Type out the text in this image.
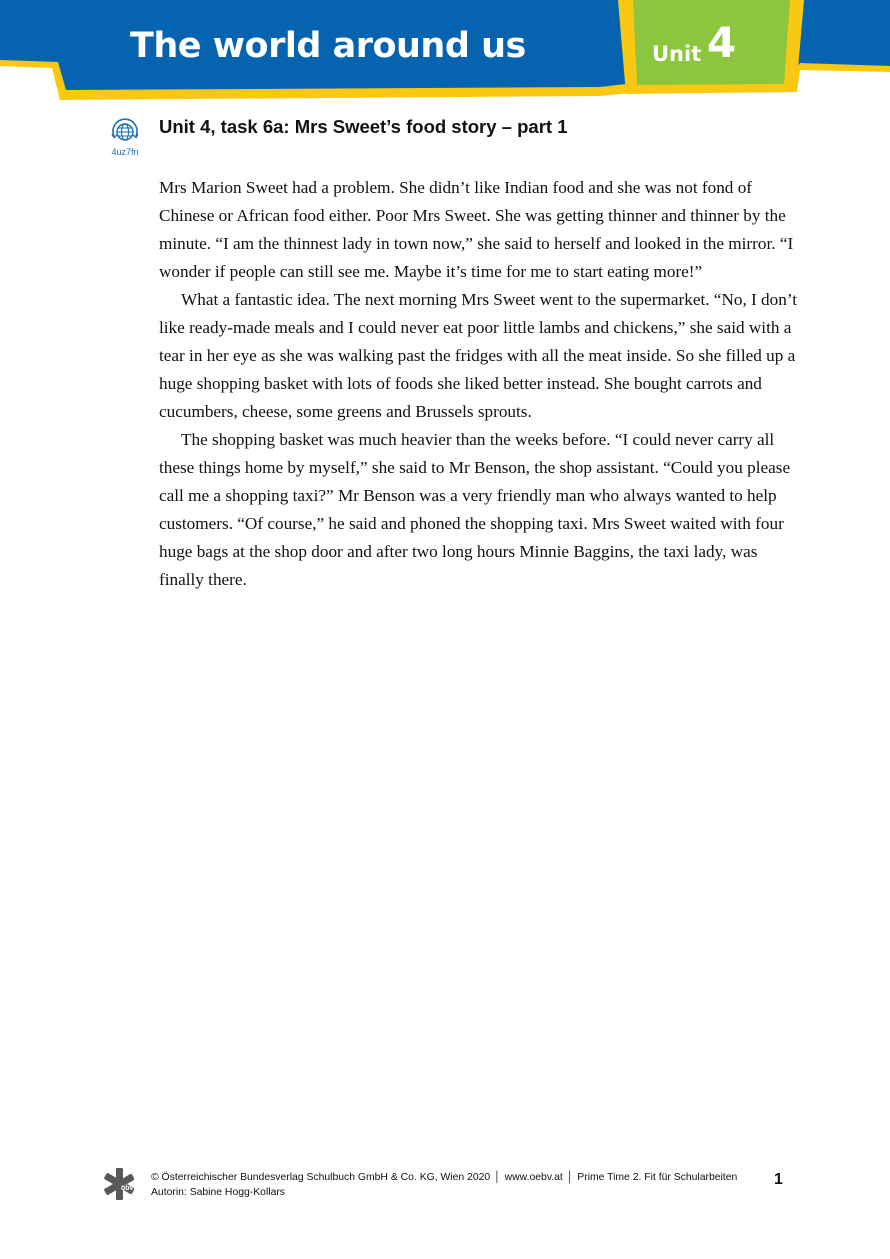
The world around us	Unit 4
4uz7fn
Unit 4, task 6a: Mrs Sweet’s food story – part 1

Mrs Marion Sweet had a problem. She didn’t like Indian food and she was not fond of Chinese or African food either. Poor Mrs Sweet. She was getting thinner and thinner by the minute. “I am the thinnest lady in town now,” she said to herself and looked in the mirror. “I wonder if people can still see me. Maybe it’s time for me to start eating more!”

What a fantastic idea. The next morning Mrs Sweet went to the supermarket. “No, I don’t like ready-made meals and I could never eat poor little lambs and chickens,” she said with a tear in her eye as she was walking past the fridges with all the meat inside. So she filled up a huge shopping basket with lots of foods she liked better instead. She bought carrots and cucumbers, cheese, some greens and Brussels sprouts.

The shopping basket was much heavier than the weeks before. “I could never carry all these things home by myself,” she said to Mr Benson, the shop assistant. “Could you please call me a shopping taxi?” Mr Benson was a very friendly man who always wanted to help customers. “Of course,” he said and phoned the shopping taxi. Mrs Sweet waited with four huge bags at the shop door and after two long hours Minnie Baggins, the taxi lady, was finally there.

öbv
© Österreichischer Bundesverlag Schulbuch GmbH & Co. KG, Wien 2020 │ www.oebv.at │ Prime Time 2. Fit für Schularbeiten
Autorin: Sabine Hogg-Kollars
1
